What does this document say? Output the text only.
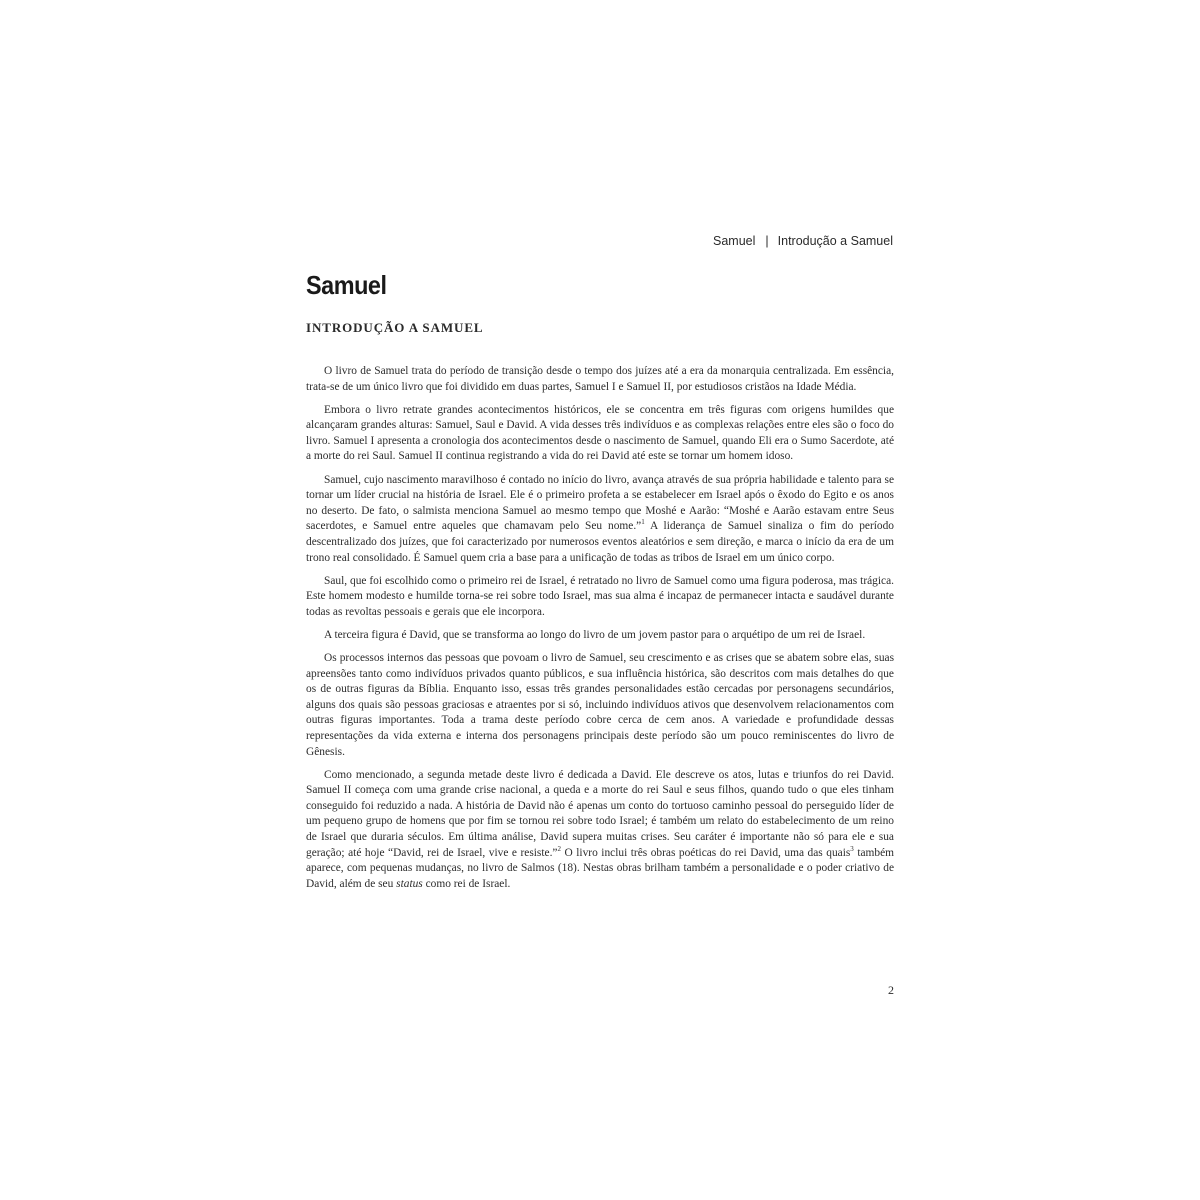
Samuel | Introdução a Samuel
Samuel
INTRODUÇÃO A SAMUEL

O livro de Samuel trata do período de transição desde o tempo dos juízes até a era da monarquia centralizada. Em essência, trata-se de um único livro que foi dividido em duas partes, Samuel I e Samuel II, por estudiosos cristãos na Idade Média.

Embora o livro retrate grandes acontecimentos históricos, ele se concentra em três figuras com origens humildes que alcançaram grandes alturas: Samuel, Saul e David. A vida desses três indivíduos e as complexas relações entre eles são o foco do livro. Samuel I apresenta a cronologia dos acontecimentos desde o nascimento de Samuel, quando Eli era o Sumo Sacerdote, até a morte do rei Saul. Samuel II continua registrando a vida do rei David até este se tornar um homem idoso.

Samuel, cujo nascimento maravilhoso é contado no início do livro, avança através de sua própria habilidade e talento para se tornar um líder crucial na história de Israel. Ele é o primeiro profeta a se estabelecer em Israel após o êxodo do Egito e os anos no deserto. De fato, o salmista menciona Samuel ao mesmo tempo que Moshé e Aarão: “Moshé e Aarão estavam entre Seus sacerdotes, e Samuel entre aqueles que chamavam pelo Seu nome.”$^1$ A liderança de Samuel sinaliza o fim do período descentralizado dos juízes, que foi caracterizado por numerosos eventos aleatórios e sem direção, e marca o início da era de um trono real consolidado. É Samuel quem cria a base para a unificação de todas as tribos de Israel em um único corpo.

Saul, que foi escolhido como o primeiro rei de Israel, é retratado no livro de Samuel como uma figura poderosa, mas trágica. Este homem modesto e humilde torna-se rei sobre todo Israel, mas sua alma é incapaz de permanecer intacta e saudável durante todas as revoltas pessoais e gerais que ele incorpora.

A terceira figura é David, que se transforma ao longo do livro de um jovem pastor para o arquétipo de um rei de Israel.

Os processos internos das pessoas que povoam o livro de Samuel, seu crescimento e as crises que se abatem sobre elas, suas apreensões tanto como indivíduos privados quanto públicos, e sua influência histórica, são descritos com mais detalhes do que os de outras figuras da Bíblia. Enquanto isso, essas três grandes personalidades estão cercadas por personagens secundários, alguns dos quais são pessoas graciosas e atraentes por si só, incluindo indivíduos ativos que desenvolvem relacionamentos com outras figuras importantes. Toda a trama deste período cobre cerca de cem anos. A variedade e profundidade dessas representações da vida externa e interna dos personagens principais deste período são um pouco reminiscentes do livro de Gênesis.

Como mencionado, a segunda metade deste livro é dedicada a David. Ele descreve os atos, lutas e triunfos do rei David. Samuel II começa com uma grande crise nacional, a queda e a morte do rei Saul e seus filhos, quando tudo o que eles tinham conseguido foi reduzido a nada. A história de David não é apenas um conto do tortuoso caminho pessoal do perseguido líder de um pequeno grupo de homens que por fim se tornou rei sobre todo Israel; é também um relato do estabelecimento de um reino de Israel que duraria séculos. Em última análise, David supera muitas crises. Seu caráter é importante não só para ele e sua geração; até hoje “David, rei de Israel, vive e resiste.”$^2$ O livro inclui três obras poéticas do rei David, uma das quais$^3$ também aparece, com pequenas mudanças, no livro de Salmos (18). Nestas obras brilham também a personalidade e o poder criativo de David, além de seu status como rei de Israel.

2
